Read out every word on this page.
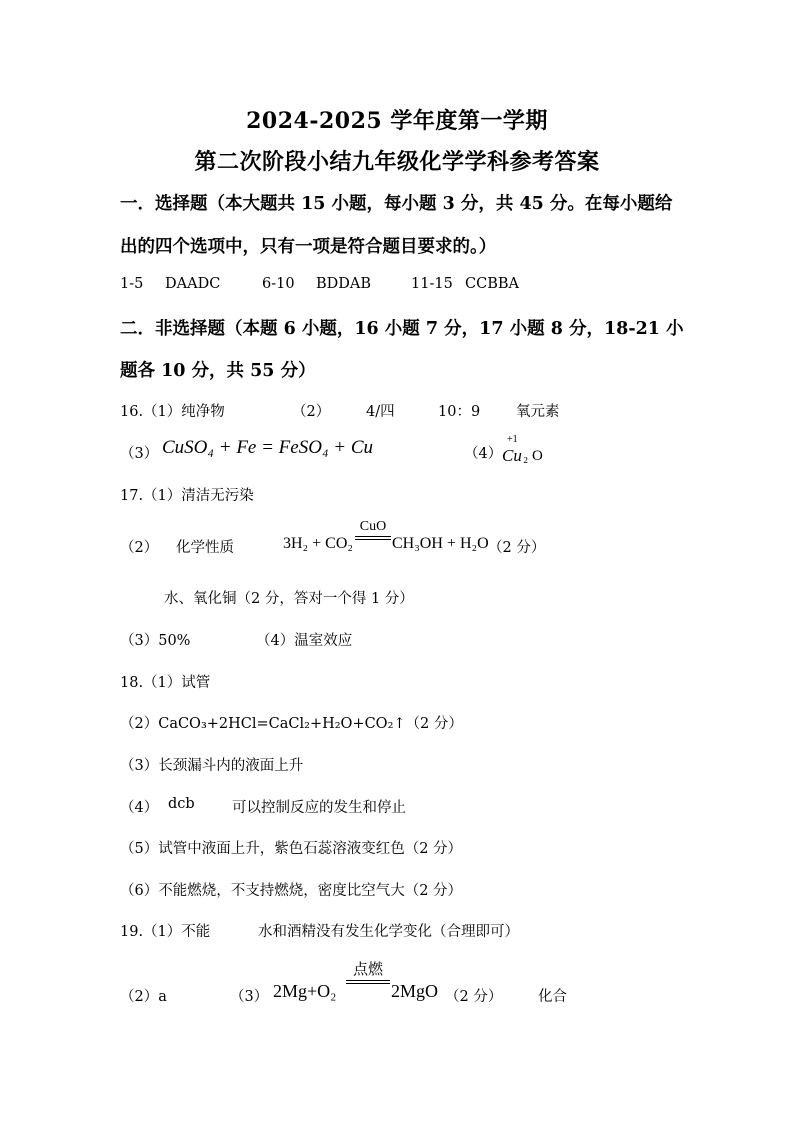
2024-2025 学年度第一学期
第二次阶段小结九年级化学学科参考答案
一．选择题（本大题共 15 小题，每小题 3 分，共 45 分。在每小题给
出的四个选项中，只有一项是符合题目要求的。）
1-5 DAADC	6-10 BDDAB	11-15 CCBBA
二．非选择题（本题 6 小题，16 小题 7 分，17 小题 8 分，18-21 小
题各 10 分，共 55 分）
16.（1）纯净物	（2） 4/四	10：9 氧元素
（3） CuSO₄ + Fe = FeSO₄ + Cu	（4）
+1
Cu ₂ O
17.（1）清洁无污染
（2） 化学性质	3H₂ + CO₂
CuO
CH₃OH + H₂O （2 分）
水、氧化铜（2 分，答对一个得 1 分）
（3）50%	（4）温室效应
18.（1）试管
（2）CaCO₃+2HCl=CaCl₂+H₂O+CO₂↑（2 分）
（3）长颈漏斗内的液面上升
（4） dcb	可以控制反应的发生和停止
（5）试管中液面上升，紫色石蕊溶液变红色（2 分）
（6）不能燃烧，不支持燃烧，密度比空气大（2 分）
19.（1）不能	水和酒精没有发生化学变化（合理即可）
（2）a	（3） 2Mg+O₂
点燃
2MgO （2 分） 化合
